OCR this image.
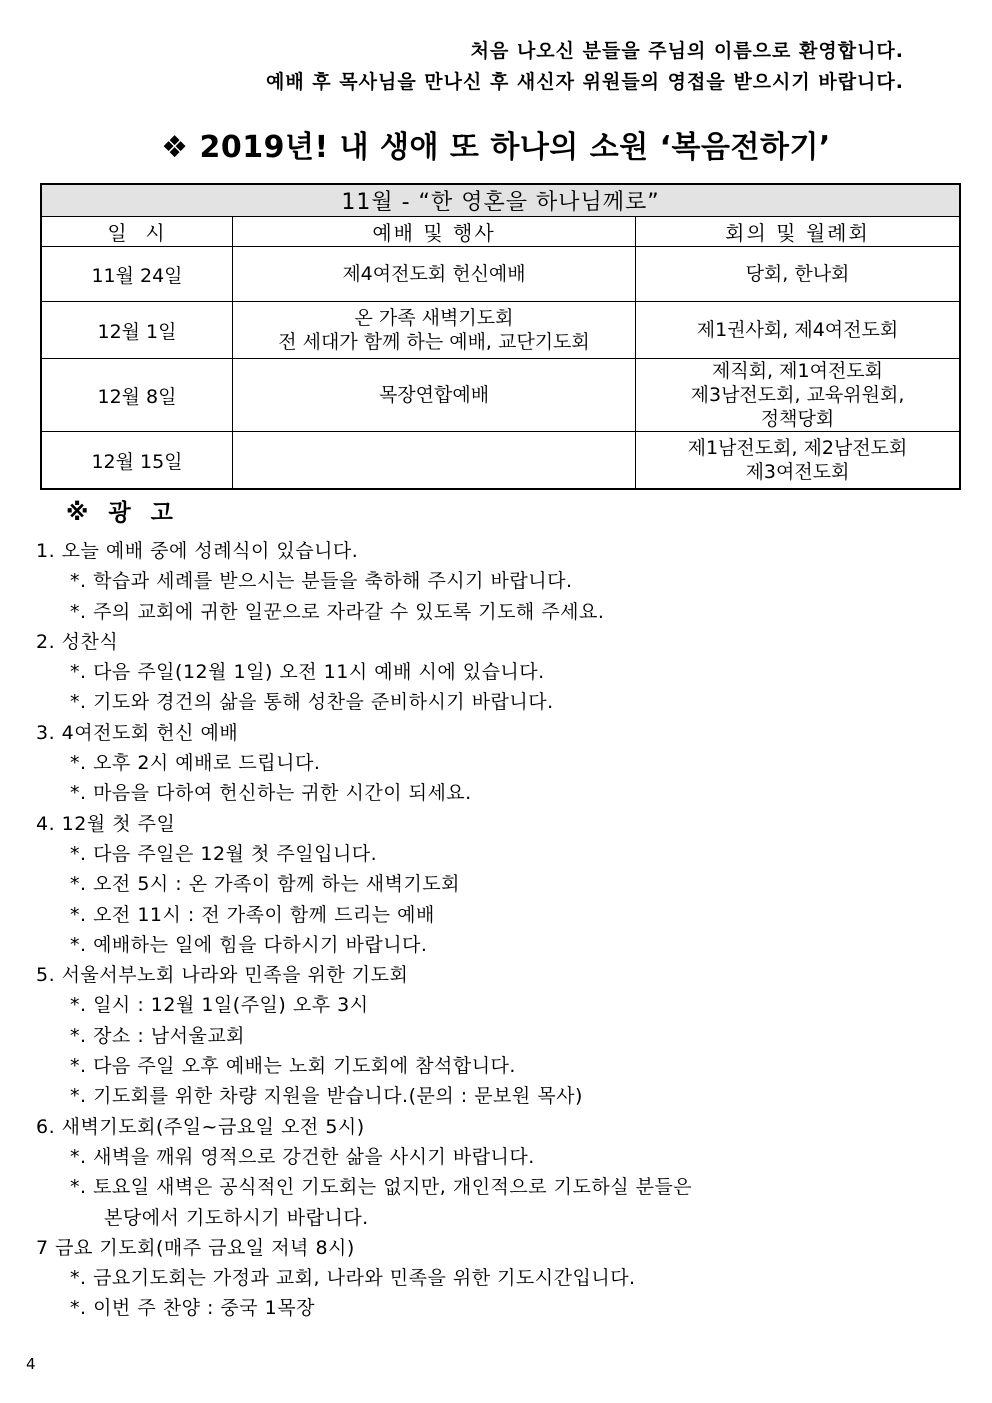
처음 나오신 분들을 주님의 이름으로 환영합니다.
예배 후 목사님을 만나신 후 새신자 위원들의 영접을 받으시기 바랍니다.
❖ 2019년! 내 생애 또 하나의 소원 ‘복음전하기’
11월 - “한 영혼을 하나님께로”		
일  시	예배 및 행사	회의 및 월례회
11월 24일	제4여전도회 헌신예배	당회, 한나회

12월 1일	온 가족 새벽기도회
전 세대가 함께 하는 예배, 교단기도회	제1권사회, 제4여전도회

12월 8일	목장연합예배	제직회, 제1여전도회
제3남전도회, 교육위원회,
정책당회

12월 15일		제1남전도회, 제2남전도회
제3여전도회
※ 광 고
1. 오늘 예배 중에 성례식이 있습니다.
*. 학습과 세례를 받으시는 분들을 축하해 주시기 바랍니다.
*. 주의 교회에 귀한 일꾼으로 자라갈 수 있도록 기도해 주세요.
2. 성찬식
*. 다음 주일(12월 1일) 오전 11시 예배 시에 있습니다.
*. 기도와 경건의 삶을 통해 성찬을 준비하시기 바랍니다.
3. 4여전도회 헌신 예배
*. 오후 2시 예배로 드립니다.
*. 마음을 다하여 헌신하는 귀한 시간이 되세요.
4. 12월 첫 주일
*. 다음 주일은 12월 첫 주일입니다.
*. 오전 5시 : 온 가족이 함께 하는 새벽기도회
*. 오전 11시 : 전 가족이 함께 드리는 예배
*. 예배하는 일에 힘을 다하시기 바랍니다.
5. 서울서부노회 나라와 민족을 위한 기도회
*. 일시 : 12월 1일(주일) 오후 3시
*. 장소 : 남서울교회
*. 다음 주일 오후 예배는 노회 기도회에 참석합니다.
*. 기도회를 위한 차량 지원을 받습니다.(문의 : 문보원 목사)
6. 새벽기도회(주일~금요일 오전 5시)
*. 새벽을 깨워 영적으로 강건한 삶을 사시기 바랍니다.
*. 토요일 새벽은 공식적인 기도회는 없지만, 개인적으로 기도하실 분들은
본당에서 기도하시기 바랍니다.
7 금요 기도회(매주 금요일 저녁 8시)
*. 금요기도회는 가정과 교회, 나라와 민족을 위한 기도시간입니다.
*. 이번 주 찬양 : 중국 1목장
4
